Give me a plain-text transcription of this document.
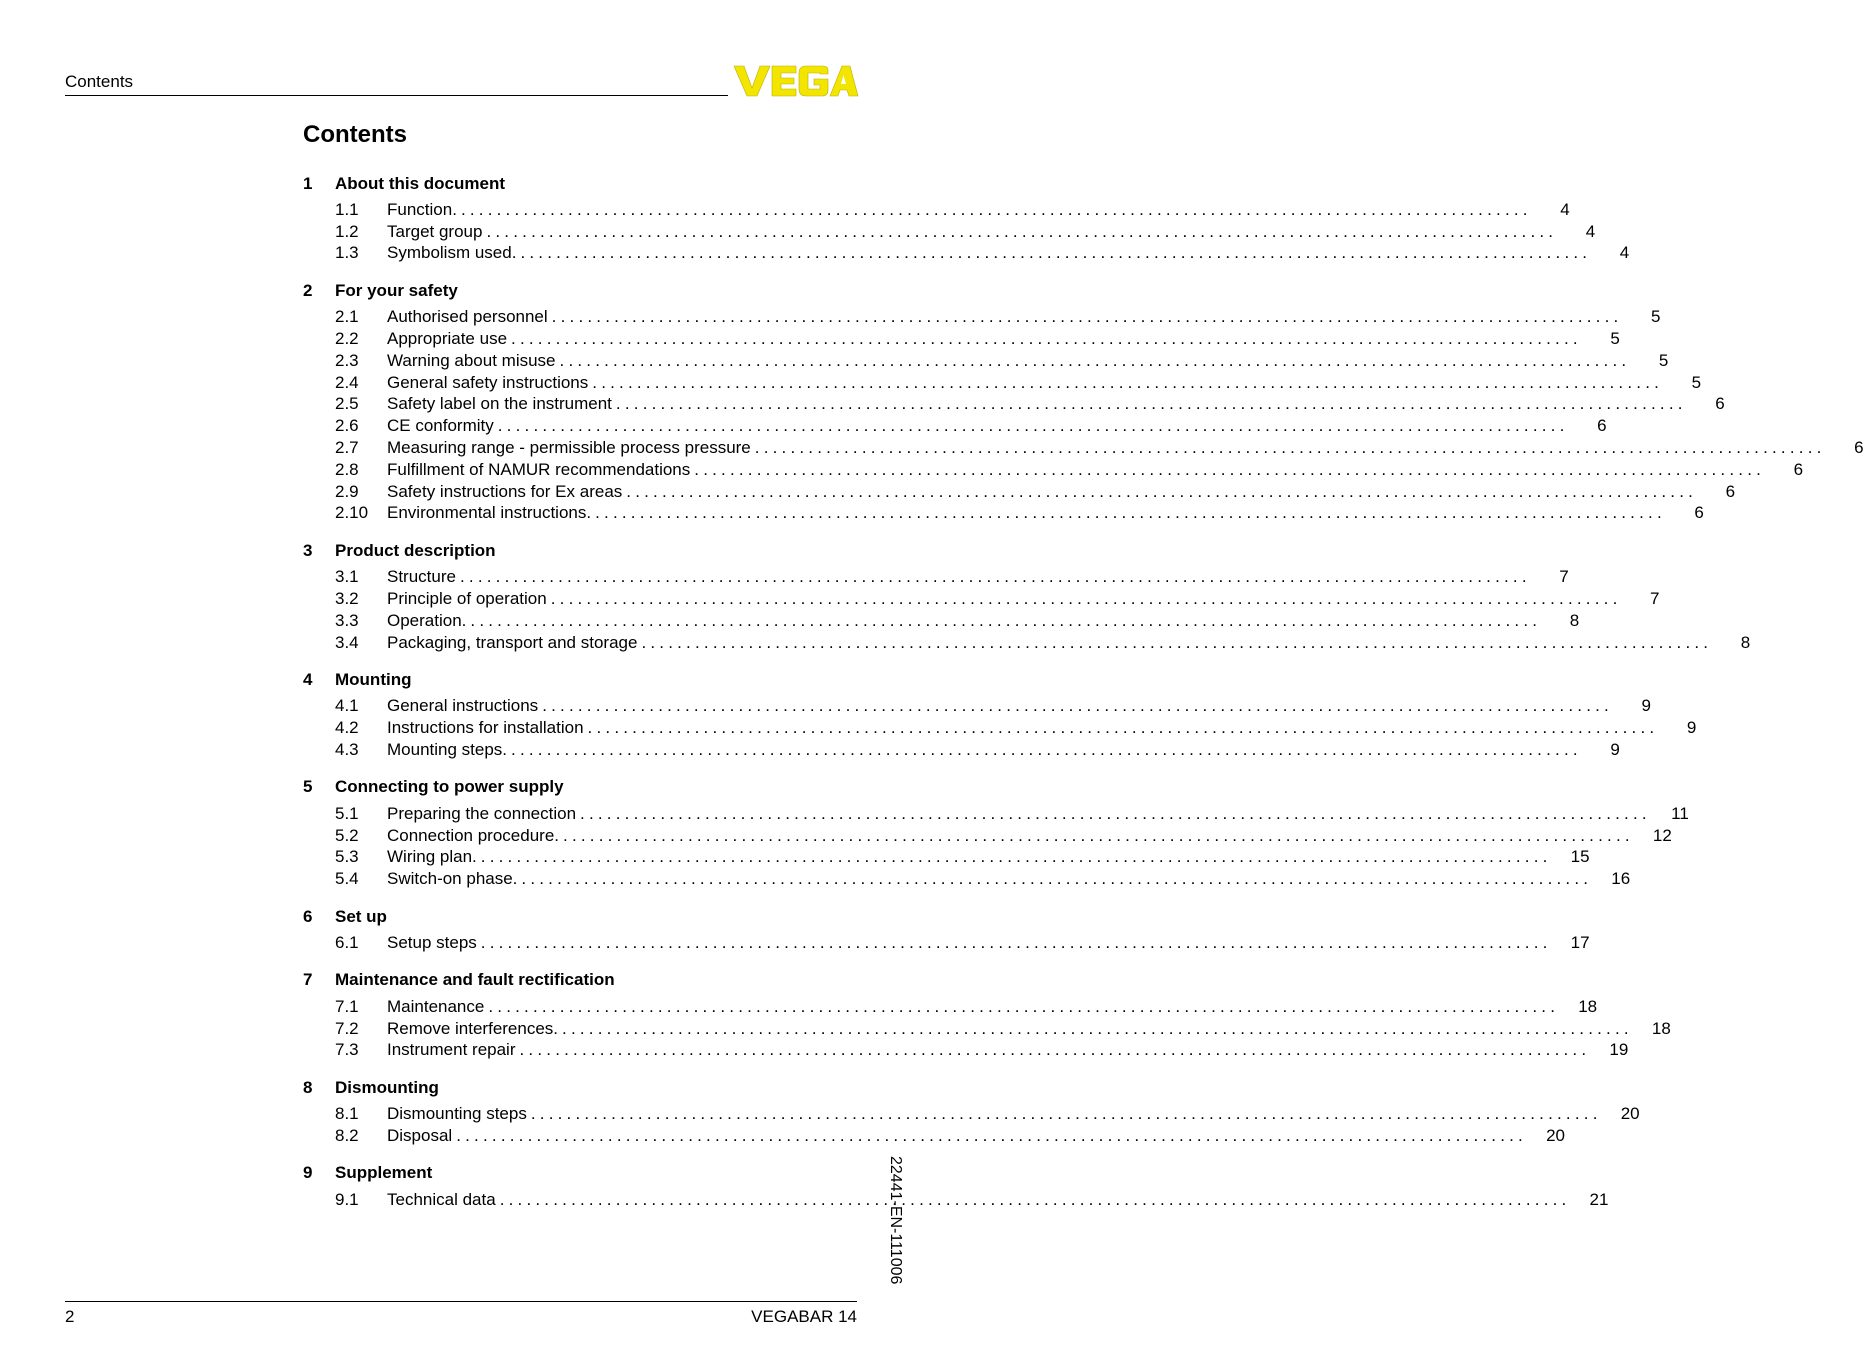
Contents
Contents
1	About this document
1.1	Function. ........................................................................................................................	4
1.2	Target group ........................................................................................................................	4
1.3	Symbolism used. ........................................................................................................................	4
2	For your safety
2.1	Authorised personnel ........................................................................................................................	5
2.2	Appropriate use ........................................................................................................................	5
2.3	Warning about misuse ........................................................................................................................	5
2.4	General safety instructions ........................................................................................................................	5
2.5	Safety label on the instrument ........................................................................................................................	6
2.6	CE conformity ........................................................................................................................	6
2.7	Measuring range - permissible process pressure ........................................................................................................................	6
2.8	Fulfillment of NAMUR recommendations ........................................................................................................................	6
2.9	Safety instructions for Ex areas ........................................................................................................................	6
2.10	Environmental instructions. ........................................................................................................................	6
3	Product description
3.1	Structure ........................................................................................................................	7
3.2	Principle of operation ........................................................................................................................	7
3.3	Operation. ........................................................................................................................	8
3.4	Packaging, transport and storage ........................................................................................................................	8
4	Mounting
4.1	General instructions ........................................................................................................................	9
4.2	Instructions for installation ........................................................................................................................	9
4.3	Mounting steps. ........................................................................................................................	9
5	Connecting to power supply
5.1	Preparing the connection ........................................................................................................................	11
5.2	Connection procedure. ........................................................................................................................	12
5.3	Wiring plan. ........................................................................................................................	15
5.4	Switch-on phase. ........................................................................................................................	16
6	Set up
6.1	Setup steps ........................................................................................................................	17
7	Maintenance and fault rectification
7.1	Maintenance ........................................................................................................................	18
7.2	Remove interferences. ........................................................................................................................	18
7.3	Instrument repair ........................................................................................................................	19
8	Dismounting
8.1	Dismounting steps ........................................................................................................................	20
8.2	Disposal ........................................................................................................................	20
9	Supplement
9.1	Technical data ........................................................................................................................	21
2	VEGABAR 14
22441-EN-111006
